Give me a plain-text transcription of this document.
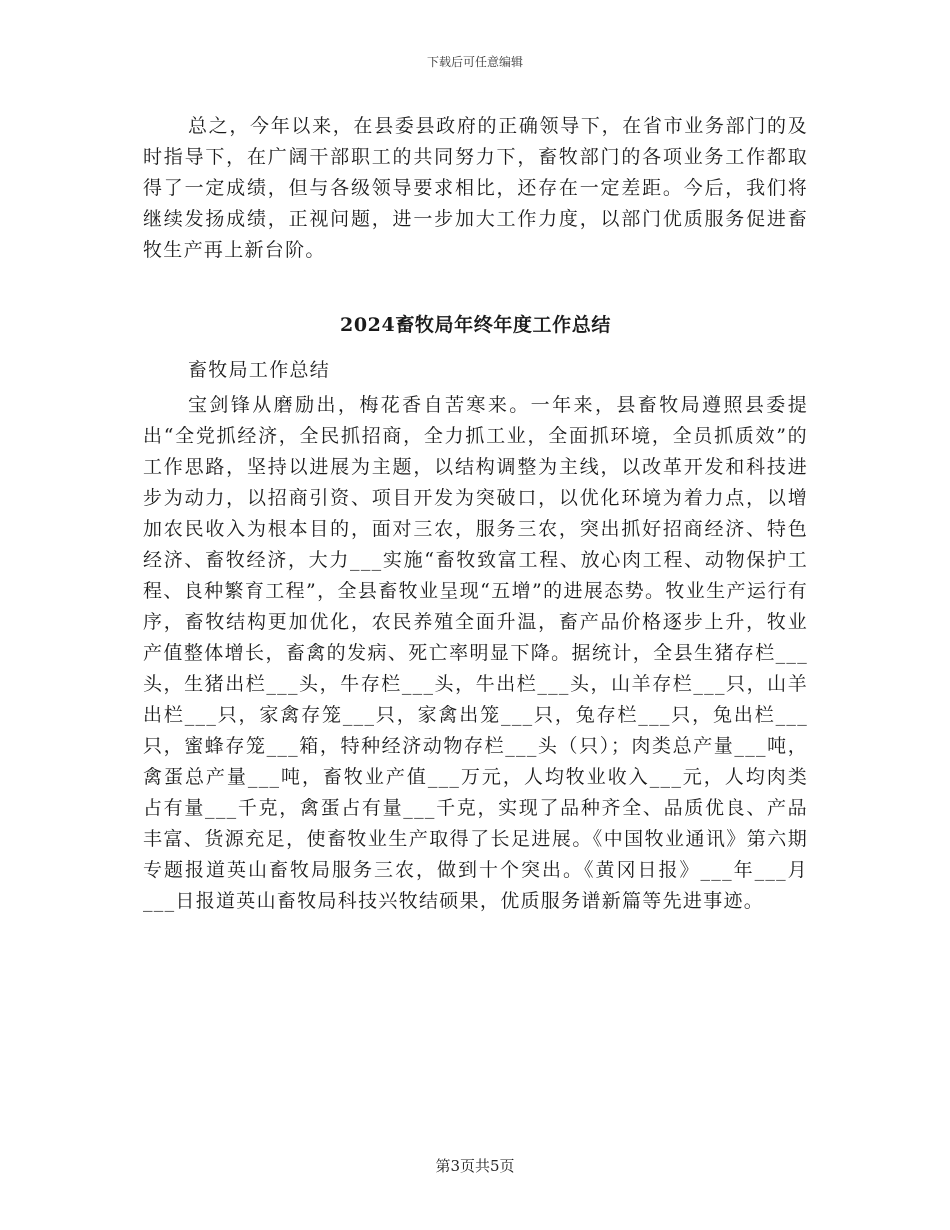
下载后可任意编辑

总之，今年以来，在县委县政府的正确领导下，在省市业务部门的及时指导下，在广阔干部职工的共同努力下，畜牧部门的各项业务工作都取得了一定成绩，但与各级领导要求相比，还存在一定差距。今后，我们将继续发扬成绩，正视问题，进一步加大工作力度，以部门优质服务促进畜牧生产再上新台阶。

2024畜牧局年终年度工作总结

畜牧局工作总结

宝剑锋从磨励出，梅花香自苦寒来。一年来，县畜牧局遵照县委提出“全党抓经济，全民抓招商，全力抓工业，全面抓环境，全员抓质效”的工作思路，坚持以进展为主题，以结构调整为主线，以改革开发和科技进步为动力，以招商引资、项目开发为突破口，以优化环境为着力点，以增加农民收入为根本目的，面对三农，服务三农，突出抓好招商经济、特色经济、畜牧经济，大力___实施“畜牧致富工程、放心肉工程、动物保护工程、良种繁育工程”，全县畜牧业呈现“五增”的进展态势。牧业生产运行有序，畜牧结构更加优化，农民养殖全面升温，畜产品价格逐步上升，牧业产值整体增长，畜禽的发病、死亡率明显下降。据统计，全县生猪存栏___头，生猪出栏___头，牛存栏___头，牛出栏___头，山羊存栏___只，山羊出栏___只，家禽存笼___只，家禽出笼___只，兔存栏___只，兔出栏___只，蜜蜂存笼___箱，特种经济动物存栏___头（只）；肉类总产量___吨，禽蛋总产量___吨，畜牧业产值___万元，人均牧业收入___元，人均肉类占有量___千克，禽蛋占有量___千克，实现了品种齐全、品质优良、产品丰富、货源充足，使畜牧业生产取得了长足进展。《中国牧业通讯》第六期专题报道英山畜牧局服务三农，做到十个突出。《黄冈日报》___年___月___日报道英山畜牧局科技兴牧结硕果，优质服务谱新篇等先进事迹。

第3页共5页
